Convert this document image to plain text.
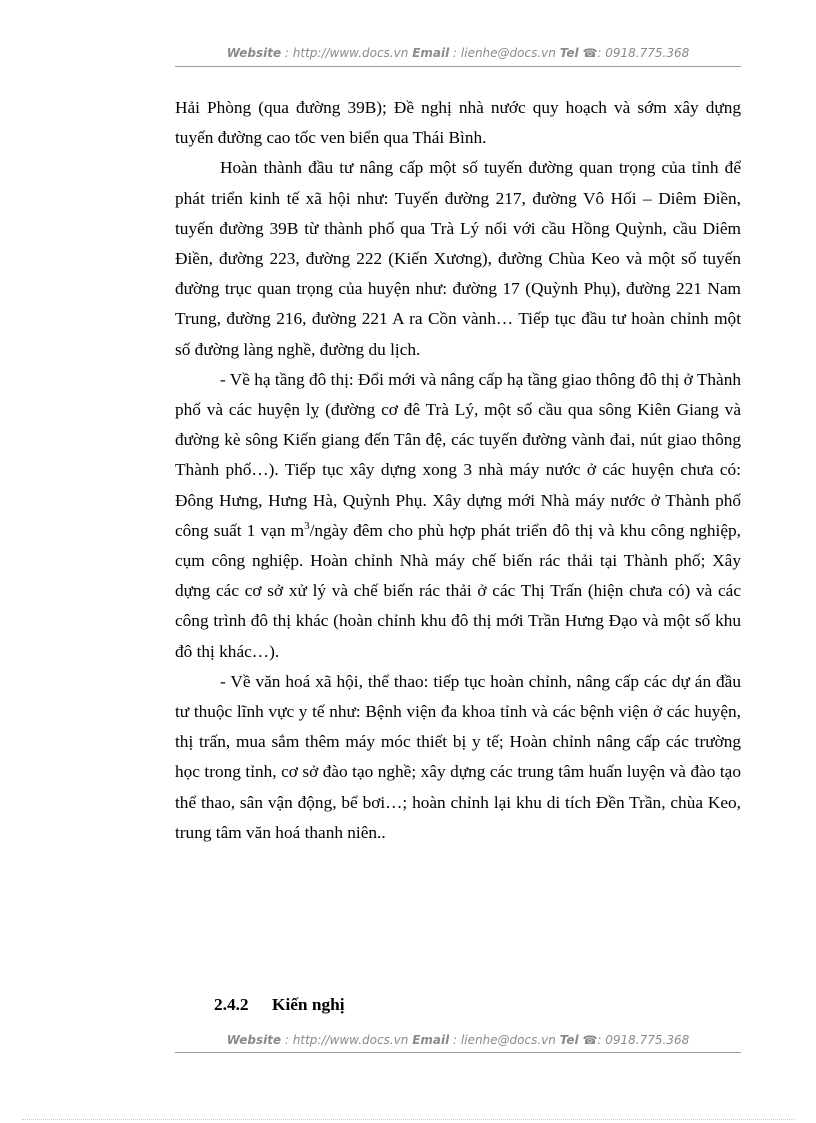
Website : http://www.docs.vn Email : lienhe@docs.vn Tel ☎: 0918.775.368

Hải Phòng (qua đường 39B); Đề nghị nhà nước quy hoạch và sớm xây dựng tuyến đường cao tốc ven biển qua Thái Bình.

Hoàn thành đầu tư nâng cấp một số tuyến đường quan trọng của tỉnh để phát triển kinh tế xã hội như: Tuyến đường 217, đường Vô Hối – Diêm Điền, tuyến đường 39B từ thành phố qua Trà Lý nối với cầu Hồng Quỳnh, cầu Diêm Điền, đường 223, đường 222 (Kiến Xương), đường Chùa Keo và một số tuyến đường trục quan trọng của huyện như: đường 17 (Quỳnh Phụ), đường 221 Nam Trung, đường 216, đường 221 A ra Cồn vành… Tiếp tục đầu tư hoàn chỉnh một số đường làng nghề, đường du lịch.

- Về hạ tầng đô thị: Đổi mới và nâng cấp hạ tầng giao thông đô thị ở Thành phố và các huyện lỵ (đường cơ đê Trà Lý, một số cầu qua sông Kiên Giang và đường kè sông Kiến giang đến Tân đệ, các tuyến đường vành đai, nút giao thông Thành phố…). Tiếp tục xây dựng xong 3 nhà máy nước ở các huyện chưa có: Đông Hưng, Hưng Hà, Quỳnh Phụ. Xây dựng mới Nhà máy nước ở Thành phố công suất 1 vạn $m^3$/ngày đêm cho phù hợp phát triển đô thị và khu công nghiệp, cụm công nghiệp. Hoàn chỉnh Nhà máy chế biến rác thải tại Thành phố; Xây dựng các cơ sở xử lý và chế biến rác thải ở các Thị Trấn (hiện chưa có) và các công trình đô thị khác (hoàn chỉnh khu đô thị mới Trần Hưng Đạo và một số khu đô thị khác…).

- Về văn hoá xã hội, thể thao: tiếp tục hoàn chỉnh, nâng cấp các dự án đầu tư thuộc lĩnh vực y tế như: Bệnh viện đa khoa tỉnh và các bệnh viện ở các huyện, thị trấn, mua sắm thêm máy móc thiết bị y tế; Hoàn chỉnh nâng cấp các trường học trong tỉnh, cơ sở đào tạo nghề; xây dựng các trung tâm huấn luyện và đào tạo thể thao, sân vận động, bể bơi…; hoàn chỉnh lại khu di tích Đền Trần, chùa Keo, trung tâm văn hoá thanh niên..

2.4.2 Kiến nghị
Website : http://www.docs.vn Email : lienhe@docs.vn Tel ☎: 0918.775.368
